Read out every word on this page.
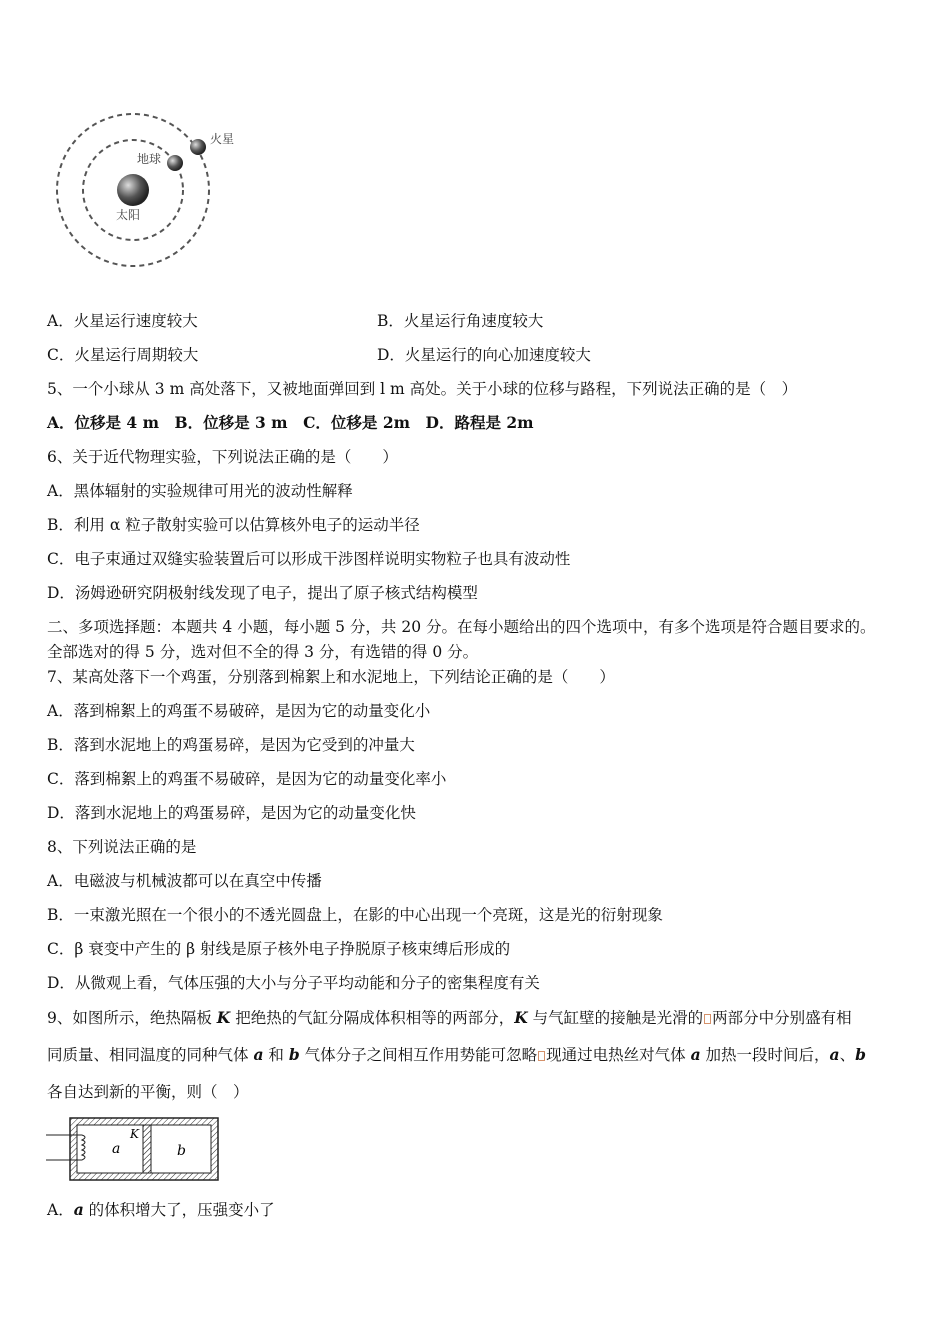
火星
地球
太阳
A．火星运行速度较大	B．火星运行角速度较大
C．火星运行周期较大	D．火星运行的向心加速度较大
5、一个小球从 3 m 高处落下，又被地面弹回到 l m 高处。关于小球的位移与路程，下列说法正确的是（　）
A．位移是 4 m　B．位移是 3 m　C．位移是 2m　D．路程是 2m
6、关于近代物理实验，下列说法正确的是（　　）
A．黑体辐射的实验规律可用光的波动性解释
B．利用 α 粒子散射实验可以估算核外电子的运动半径
C．电子束通过双缝实验装置后可以形成干涉图样说明实物粒子也具有波动性
D．汤姆逊研究阴极射线发现了电子，提出了原子核式结构模型
二、多项选择题：本题共 4 小题，每小题 5 分，共 20 分。在每小题给出的四个选项中，有多个选项是符合题目要求的。
全部选对的得 5 分，选对但不全的得 3 分，有选错的得 0 分。
7、某高处落下一个鸡蛋，分别落到棉絮上和水泥地上，下列结论正确的是（　　）
A．落到棉絮上的鸡蛋不易破碎，是因为它的动量变化小
B．落到水泥地上的鸡蛋易碎，是因为它受到的冲量大
C．落到棉絮上的鸡蛋不易破碎，是因为它的动量变化率小
D．落到水泥地上的鸡蛋易碎，是因为它的动量变化快
8、下列说法正确的是
A．电磁波与机械波都可以在真空中传播
B．一束激光照在一个很小的不透光圆盘上，在影的中心出现一个亮斑，这是光的衍射现象
C．β 衰变中产生的 β 射线是原子核外电子挣脱原子核束缚后形成的
D．从微观上看，气体压强的大小与分子平均动能和分子的密集程度有关
9、如图所示，绝热隔板 K 把绝热的气缸分隔成体积相等的两部分，K 与气缸壁的接触是光滑的 两部分中分别盛有相
同质量、相同温度的同种气体 a 和 b 气体分子之间相互作用势能可忽略 现通过电热丝对气体 a 加热一段时间后，a、b
各自达到新的平衡，则（　）
a	b
K
A．a 的体积增大了，压强变小了
